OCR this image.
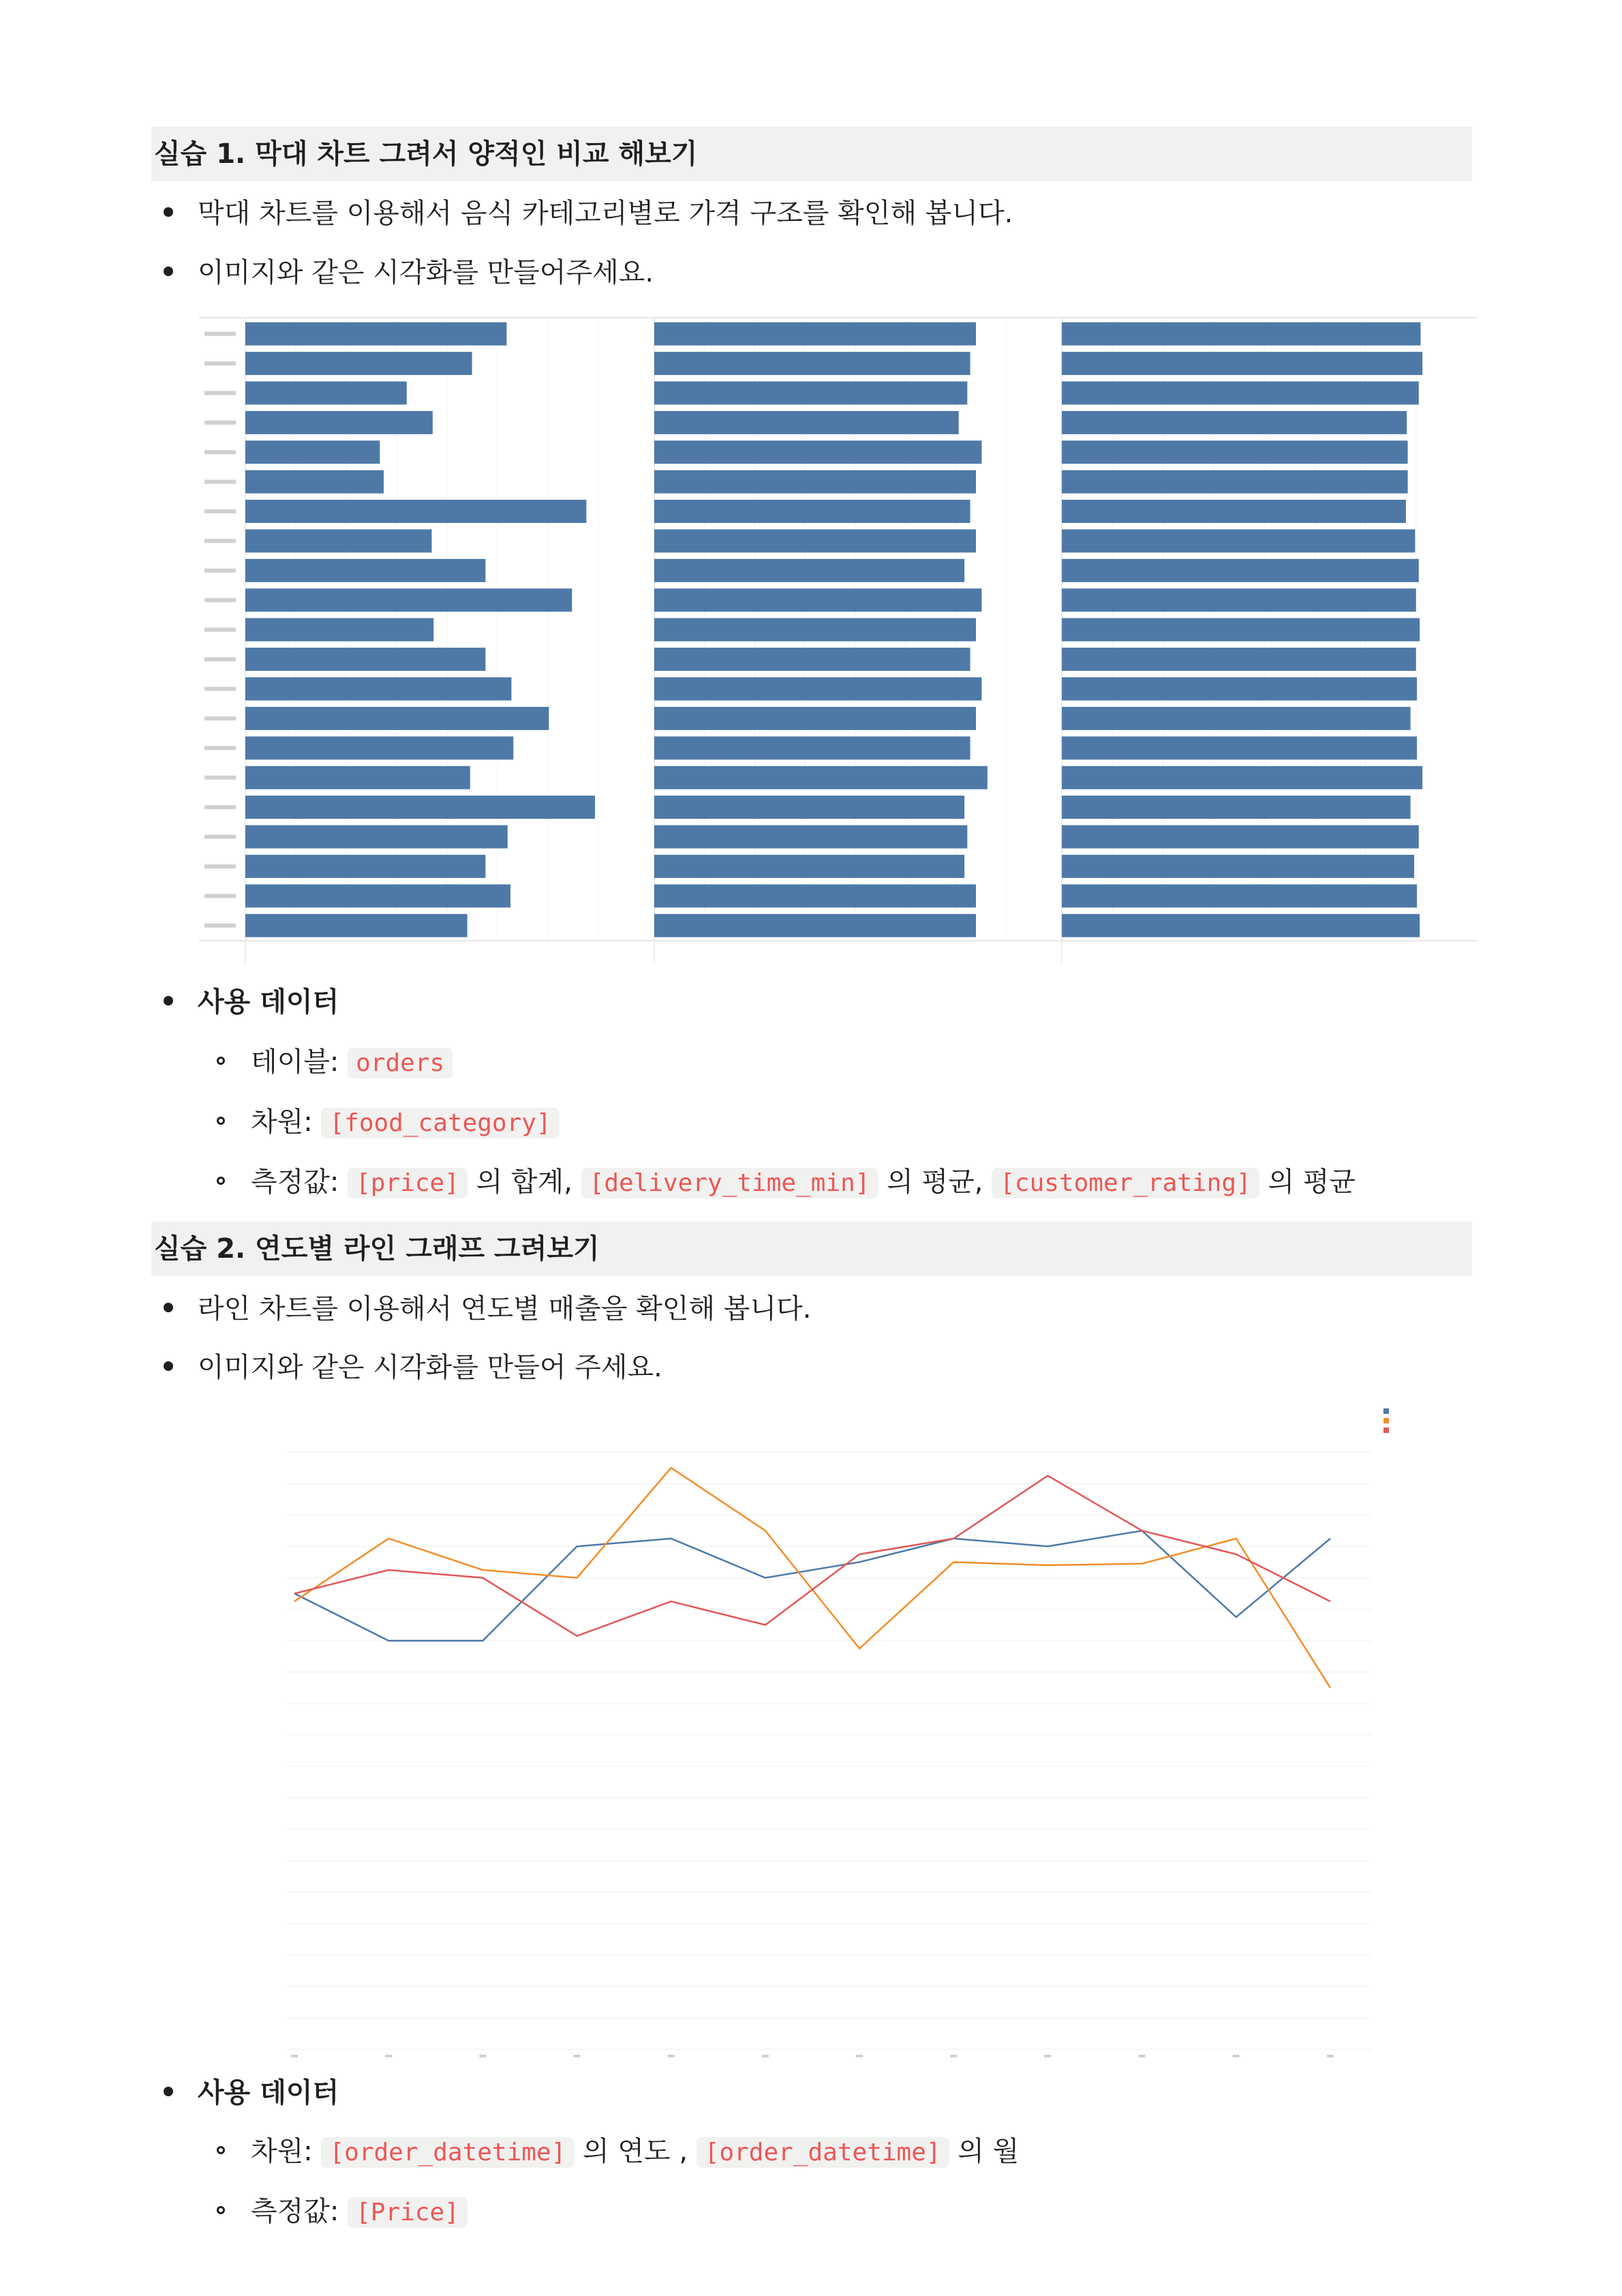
실습 1. 막대 차트 그려서 양적인 비교 해보기
막대 차트를 이용해서 음식 카테고리별로 가격 구조를 확인해 봅니다.
이미지와 같은 시각화를 만들어주세요.
사용 데이터
테이블: orders
차원: [food_category]
측정값: [price] 의 합계, [delivery_time_min] 의 평균, [customer_rating] 의 평균
실습 2. 연도별 라인 그래프 그려보기
라인 차트를 이용해서 연도별 매출을 확인해 봅니다.
이미지와 같은 시각화를 만들어 주세요.
사용 데이터
차원: [order_datetime] 의 연도 , [order_datetime] 의 월
측정값: [Price]
